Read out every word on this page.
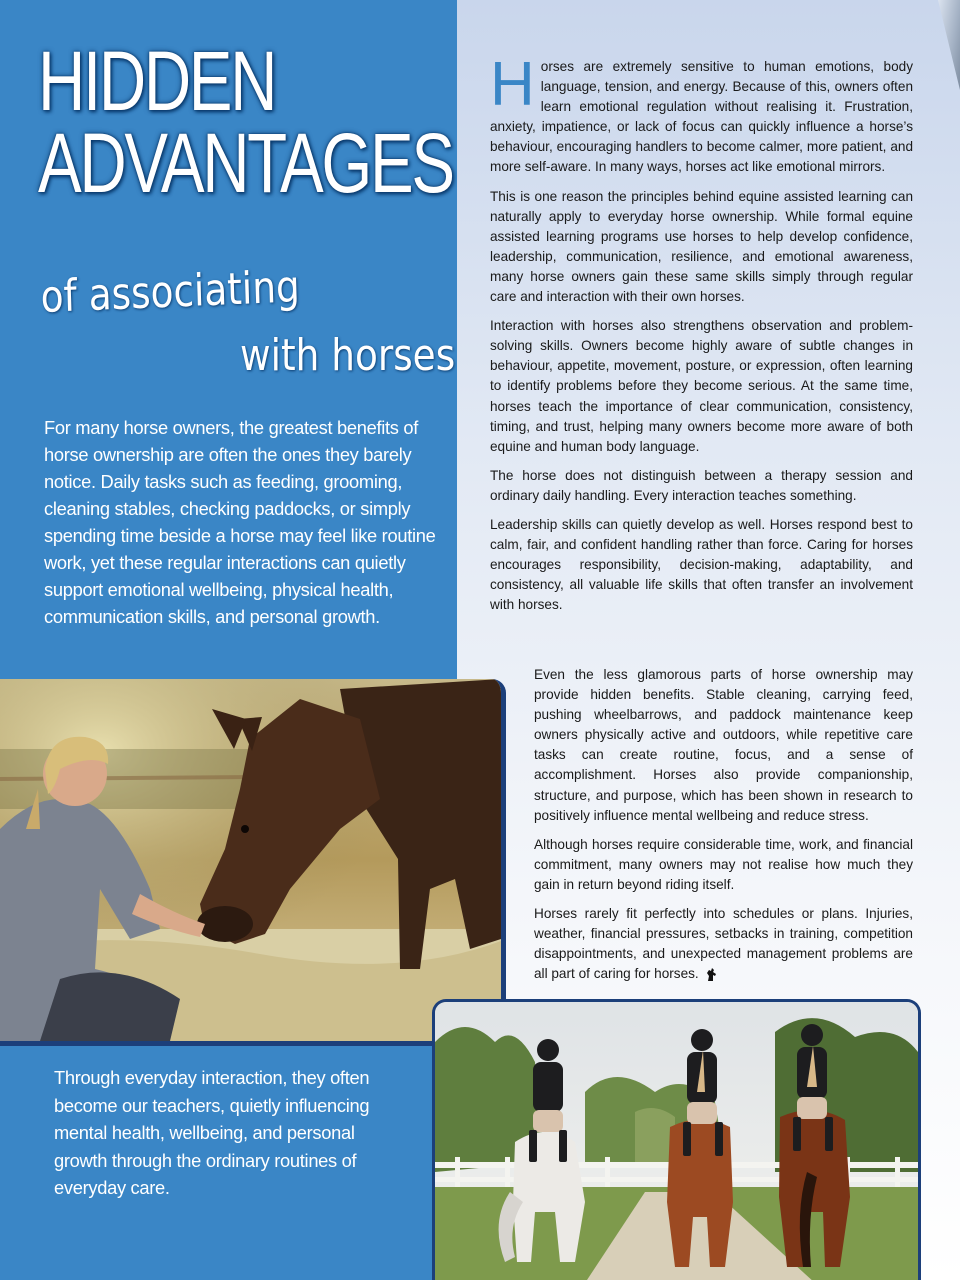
HIDDEN
ADVANTAGES
of associating
with horses
For many horse owners, the greatest benefits of horse ownership are often the ones they barely notice. Daily tasks such as feeding, grooming, cleaning stables, checking paddocks, or simply spending time beside a horse may feel like routine work, yet these regular interactions can quietly support emotional wellbeing, physical health, communication skills, and personal growth.

Horses are extremely sensitive to human emotions, body language, tension, and energy. Because of this, owners often learn emotional regulation without realising it. Frustration, anxiety, impatience, or lack of focus can quickly influence a horse’s behaviour, encouraging handlers to become calmer, more patient, and more self-aware. In many ways, horses act like emotional mirrors.

This is one reason the principles behind equine assisted learning can naturally apply to everyday horse ownership. While formal equine assisted learning programs use horses to help develop confidence, leadership, communication, resilience, and emotional awareness, many horse owners gain these same skills simply through regular care and interaction with their own horses.

Interaction with horses also strengthens observation and problem-solving skills. Owners become highly aware of subtle changes in behaviour, appetite, movement, posture, or expression, often learning to identify problems before they become serious. At the same time, horses teach the importance of clear communication, consistency, timing, and trust, helping many owners become more aware of both equine and human body language.

The horse does not distinguish between a therapy session and ordinary daily handling. Every interaction teaches something.

Leadership skills can quietly develop as well. Horses respond best to calm, fair, and confident handling rather than force. Caring for horses encourages responsibility, decision-making, adaptability, and consistency, all valuable life skills that often transfer an involvement with horses.

Even the less glamorous parts of horse ownership may provide hidden benefits. Stable cleaning, carrying feed, pushing wheelbarrows, and paddock maintenance keep owners physically active and outdoors, while repetitive care tasks can create routine, focus, and a sense of accomplishment. Horses also provide companionship, structure, and purpose, which has been shown in research to positively influence mental wellbeing and reduce stress.

Although horses require considerable time, work, and financial commitment, many owners may not realise how much they gain in return beyond riding itself.

Horses rarely fit perfectly into schedules or plans. Injuries, weather, financial pressures, setbacks in training, competition disappointments, and unexpected management problems are all part of caring for horses.

Through everyday interaction, they often become our teachers, quietly influencing mental health, wellbeing, and personal growth through the ordinary routines of everyday care.
